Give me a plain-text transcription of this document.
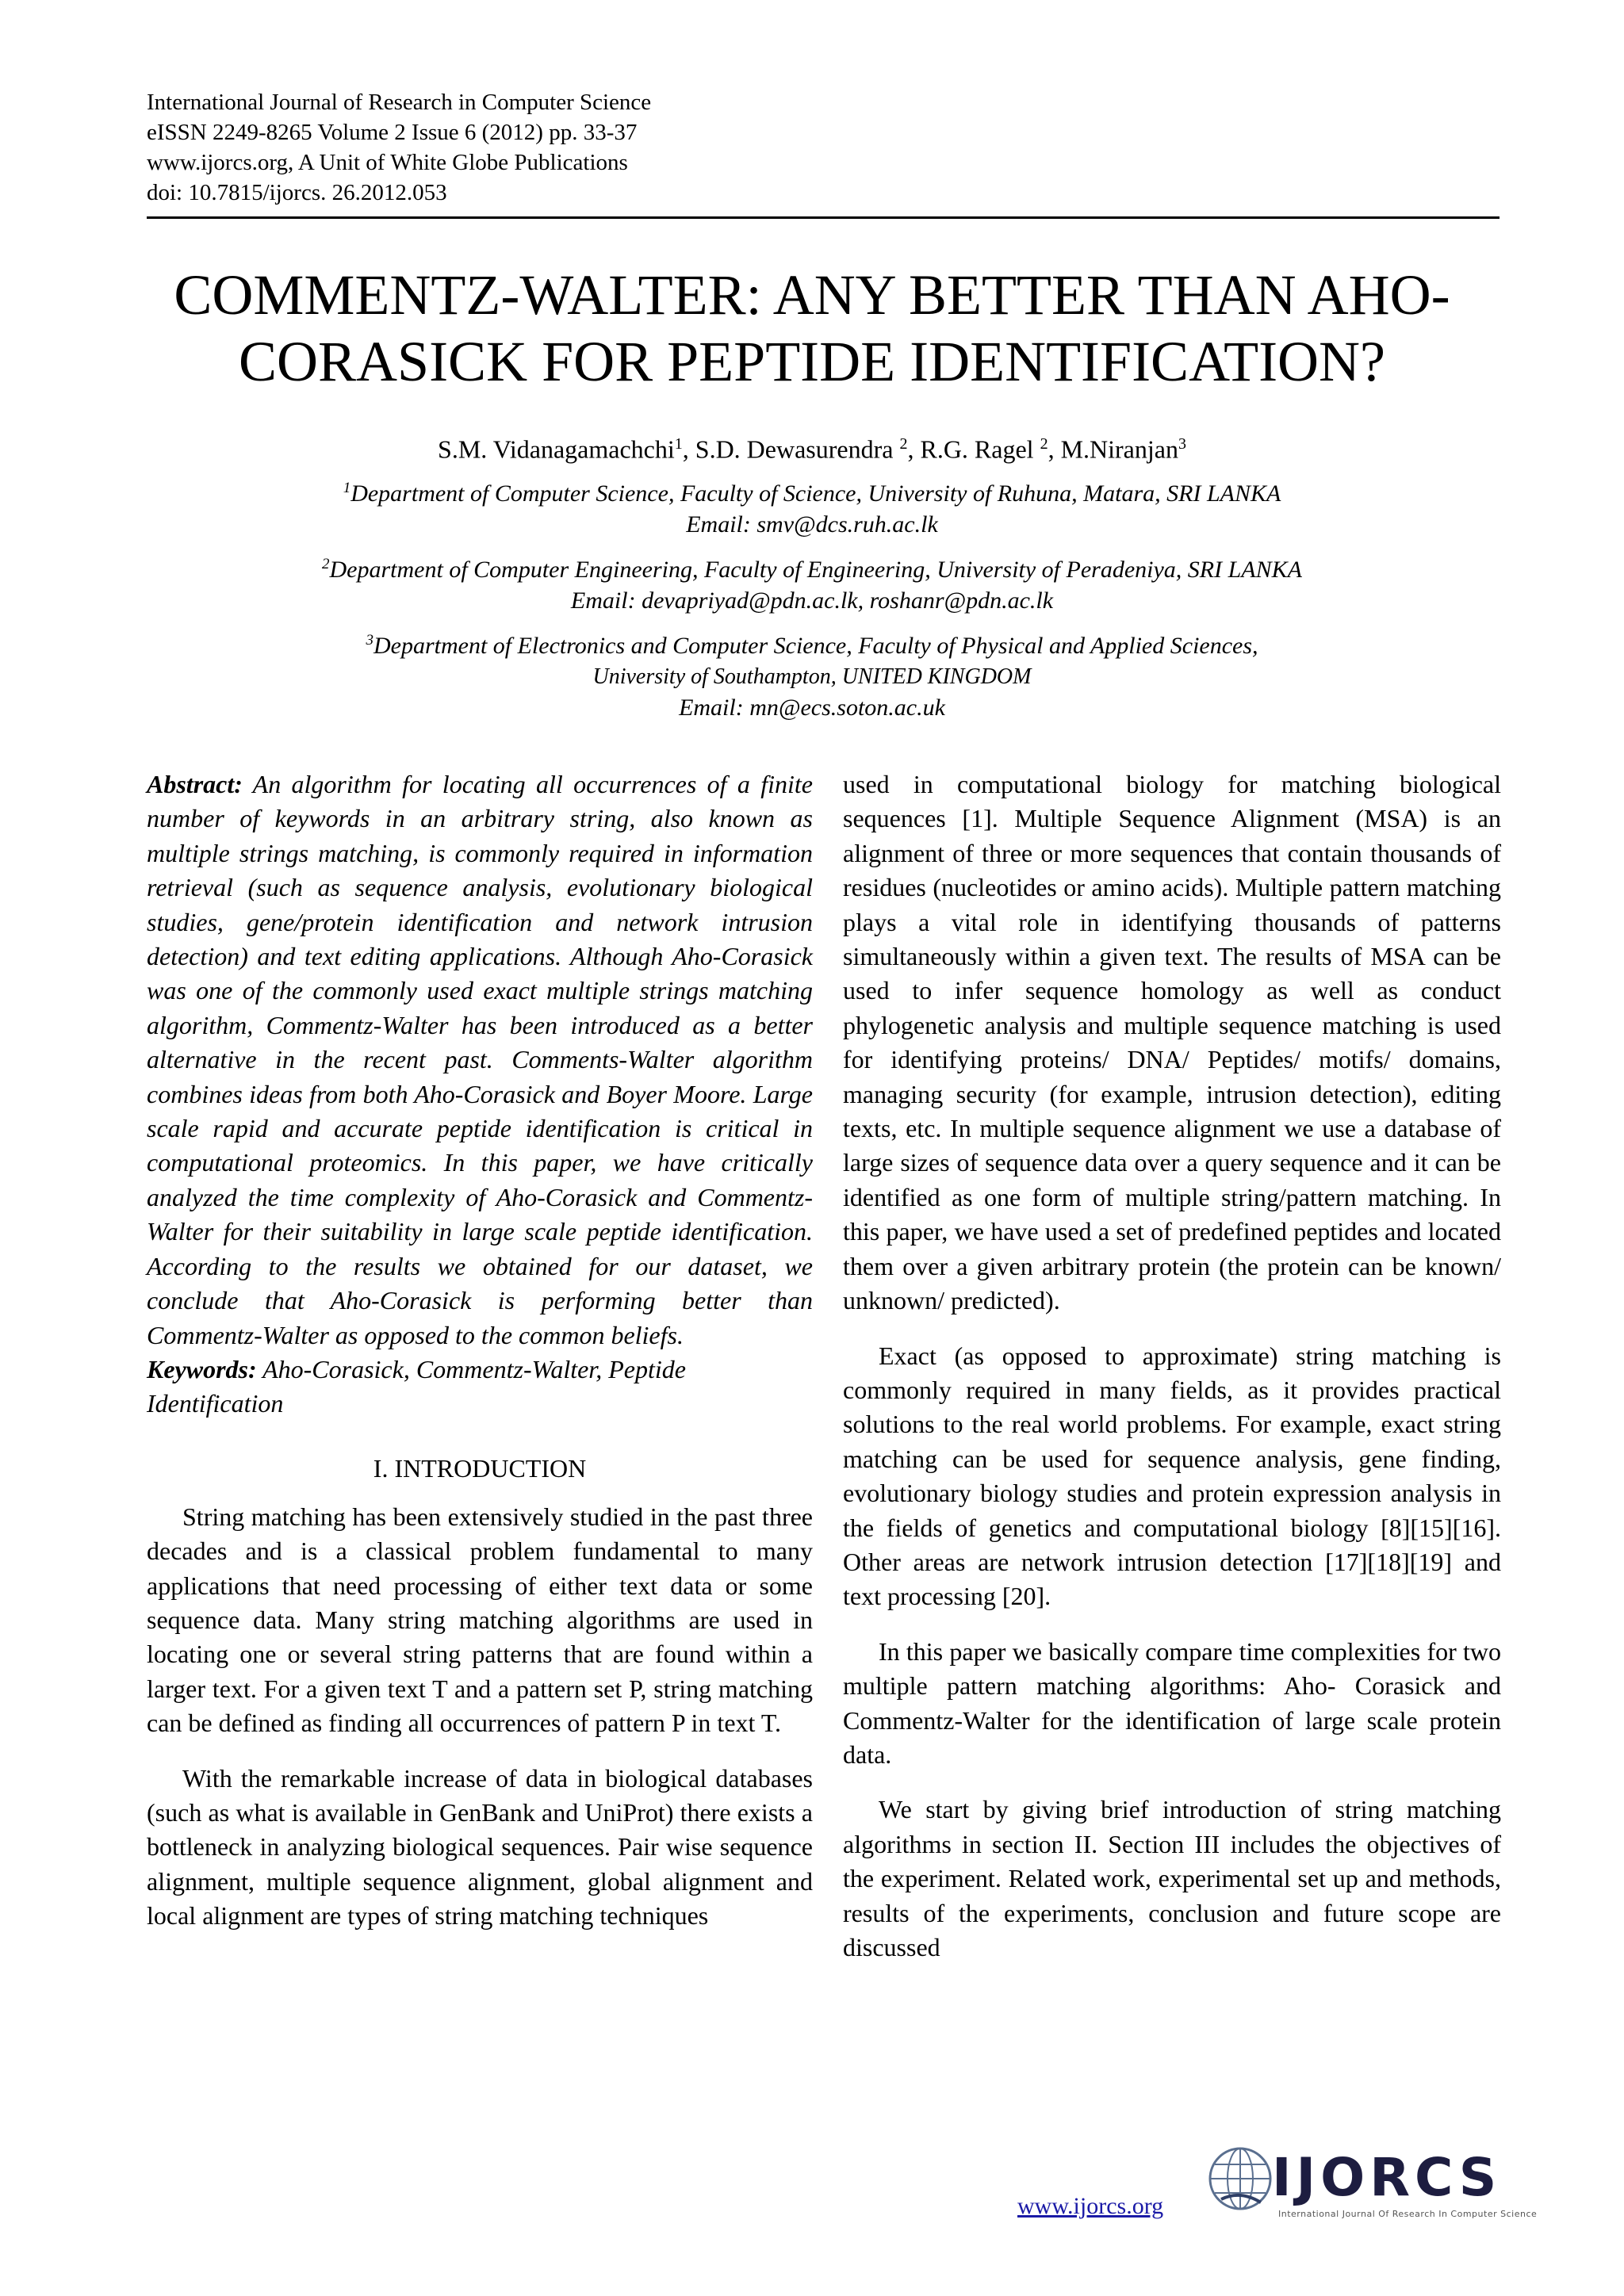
International Journal of Research in Computer Science
eISSN 2249-8265 Volume 2 Issue 6 (2012) pp. 33-37
www.ijorcs.org, A Unit of White Globe Publications
doi: 10.7815/ijorcs. 26.2012.053
COMMENTZ-WALTER: ANY BETTER THAN AHO-
CORASICK FOR PEPTIDE IDENTIFICATION?
S.M. Vidanagamachchi$^1$, S.D. Dewasurendra $^2$, R.G. Ragel $^2$, M.Niranjan$^3$
$^1$Department of Computer Science, Faculty of Science, University of Ruhuna, Matara, SRI LANKA
Email: smv@dcs.ruh.ac.lk
$^2$Department of Computer Engineering, Faculty of Engineering, University of Peradeniya, SRI LANKA
Email: devapriyad@pdn.ac.lk, roshanr@pdn.ac.lk
$^3$Department of Electronics and Computer Science, Faculty of Physical and Applied Sciences,
University of Southampton, UNITED KINGDOM
Email: mn@ecs.soton.ac.uk

Abstract: An algorithm for locating all occurrences of a finite number of keywords in an arbitrary string, also known as multiple strings matching, is commonly required in information retrieval (such as sequence analysis, evolutionary biological studies, gene/protein identification and network intrusion detection) and text editing applications. Although Aho-Corasick was one of the commonly used exact multiple strings matching algorithm, Commentz-Walter has been introduced as a better alternative in the recent past. Comments-Walter algorithm combines ideas from both Aho-Corasick and Boyer Moore. Large scale rapid and accurate peptide identification is critical in computational proteomics. In this paper, we have critically analyzed the time complexity of Aho-Corasick and Commentz-Walter for their suitability in large scale peptide identification. According to the results we obtained for our dataset, we conclude that Aho-Corasick is performing better than Commentz-Walter as opposed to the common beliefs.

Keywords: Aho-Corasick, Commentz-Walter, Peptide Identification

I. INTRODUCTION

String matching has been extensively studied in the past three decades and is a classical problem fundamental to many applications that need processing of either text data or some sequence data. Many string matching algorithms are used in locating one or several string patterns that are found within a larger text. For a given text T and a pattern set P, string matching can be defined as finding all occurrences of pattern P in text T.

With the remarkable increase of data in biological databases (such as what is available in GenBank and UniProt) there exists a bottleneck in analyzing biological sequences. Pair wise sequence alignment, multiple sequence alignment, global alignment and local alignment are types of string matching techniques

used in computational biology for matching biological sequences [1]. Multiple Sequence Alignment (MSA) is an alignment of three or more sequences that contain thousands of residues (nucleotides or amino acids). Multiple pattern matching plays a vital role in identifying thousands of patterns simultaneously within a given text. The results of MSA can be used to infer sequence homology as well as conduct phylogenetic analysis and multiple sequence matching is used for identifying proteins/ DNA/ Peptides/ motifs/ domains, managing security (for example, intrusion detection), editing texts, etc. In multiple sequence alignment we use a database of large sizes of sequence data over a query sequence and it can be identified as one form of multiple string/pattern matching. In this paper, we have used a set of predefined peptides and located them over a given arbitrary protein (the protein can be known/ unknown/ predicted).

Exact (as opposed to approximate) string matching is commonly required in many fields, as it provides practical solutions to the real world problems. For example, exact string matching can be used for sequence analysis, gene finding, evolutionary biology studies and protein expression analysis in the fields of genetics and computational biology [8][15][16]. Other areas are network intrusion detection [17][18][19] and text processing [20].

In this paper we basically compare time complexities for two multiple pattern matching algorithms: Aho- Corasick and Commentz-Walter for the identification of large scale protein data.

We start by giving brief introduction of string matching algorithms in section II. Section III includes the objectives of the experiment. Related work, experimental set up and methods, results of the experiments, conclusion and future scope are discussed

www.ijorcs.org IJORCS
International Journal Of Research In Computer Science
